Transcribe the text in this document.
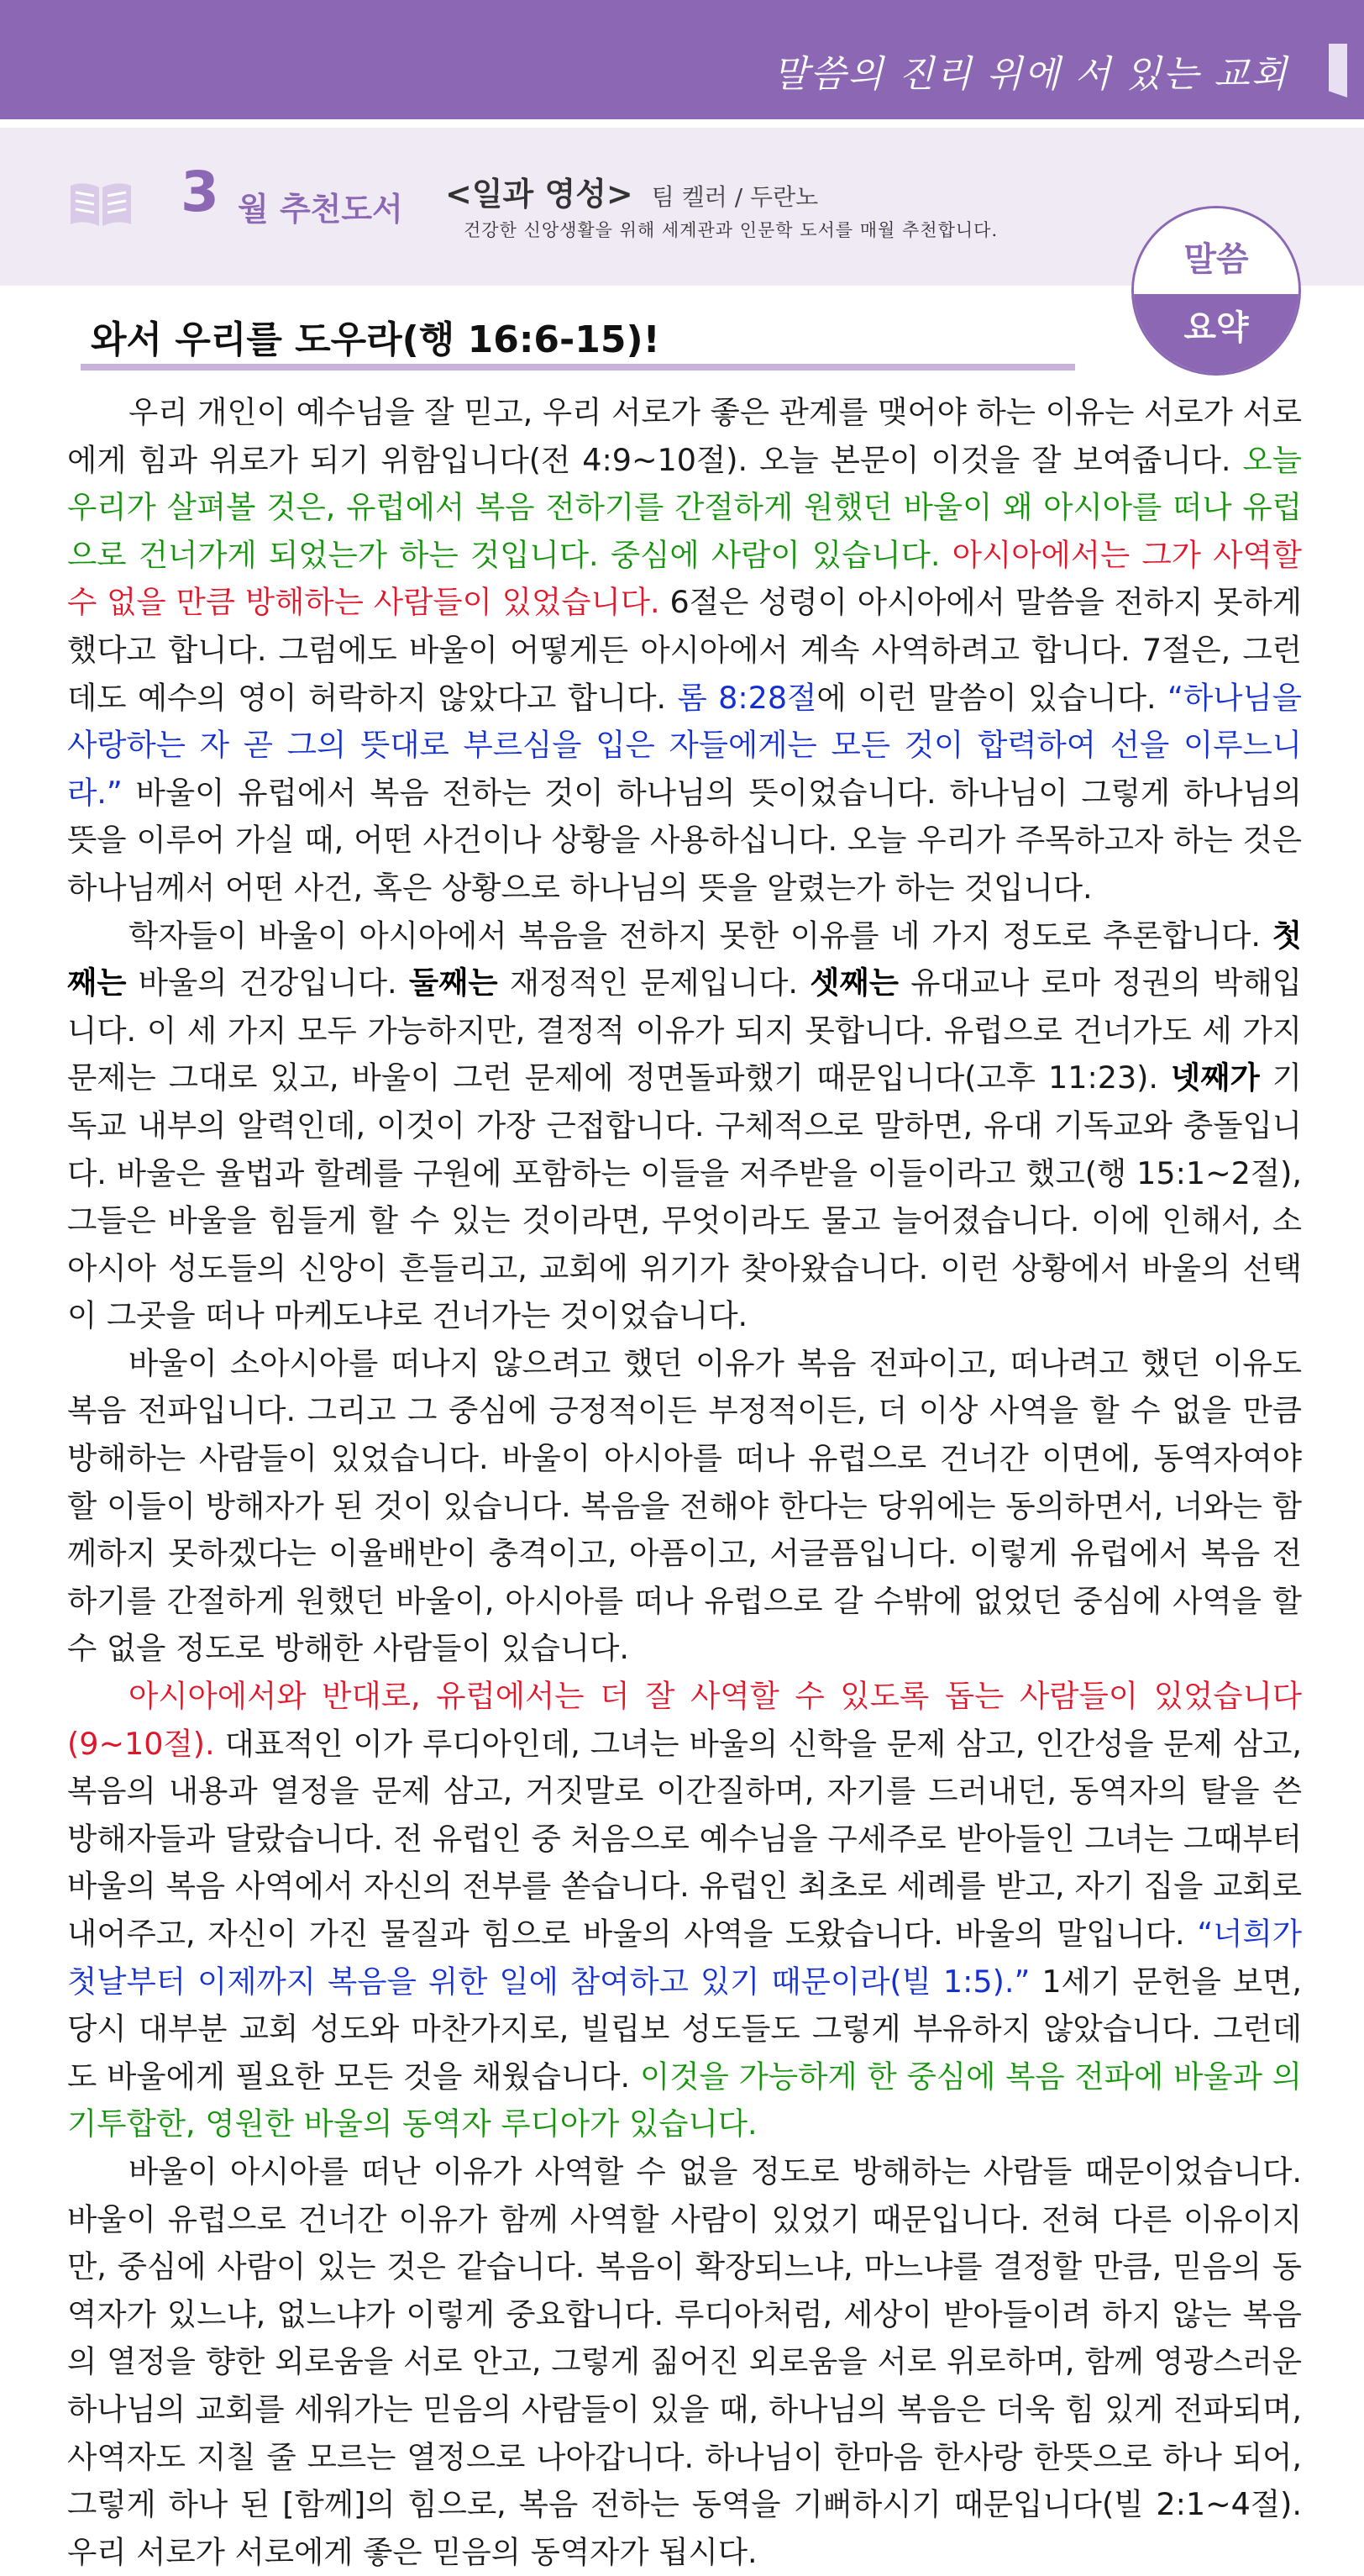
말씀의 진리 위에 서 있는 교회
3 월 추천도서 <일과 영성> 팀 켈러 / 두란노
건강한 신앙생활을 위해 세계관과 인문학 도서를 매월 추천합니다.
말씀
요약
와서 우리를 도우라(행 16:6-15)!

우리 개인이 예수님을 잘 믿고, 우리 서로가 좋은 관계를 맺어야 하는 이유는 서로가 서로에게 힘과 위로가 되기 위함입니다(전 4:9~10절). 오늘 본문이 이것을 잘 보여줍니다. 오늘 우리가 살펴볼 것은, 유럽에서 복음 전하기를 간절하게 원했던 바울이 왜 아시아를 떠나 유럽으로 건너가게 되었는가 하는 것입니다. 중심에 사람이 있습니다. 아시아에서는 그가 사역할 수 없을 만큼 방해하는 사람들이 있었습니다. 6절은 성령이 아시아에서 말씀을 전하지 못하게 했다고 합니다. 그럼에도 바울이 어떻게든 아시아에서 계속 사역하려고 합니다. 7절은, 그런데도 예수의 영이 허락하지 않았다고 합니다. 롬 8:28절에 이런 말씀이 있습니다. “하나님을 사랑하는 자 곧 그의 뜻대로 부르심을 입은 자들에게는 모든 것이 합력하여 선을 이루느니라.” 바울이 유럽에서 복음 전하는 것이 하나님의 뜻이었습니다. 하나님이 그렇게 하나님의 뜻을 이루어 가실 때, 어떤 사건이나 상황을 사용하십니다. 오늘 우리가 주목하고자 하는 것은 하나님께서 어떤 사건, 혹은 상황으로 하나님의 뜻을 알렸는가 하는 것입니다.

학자들이 바울이 아시아에서 복음을 전하지 못한 이유를 네 가지 정도로 추론합니다. 첫째는 바울의 건강입니다. 둘째는 재정적인 문제입니다. 셋째는 유대교나 로마 정권의 박해입니다. 이 세 가지 모두 가능하지만, 결정적 이유가 되지 못합니다. 유럽으로 건너가도 세 가지 문제는 그대로 있고, 바울이 그런 문제에 정면돌파했기 때문입니다(고후 11:23). 넷째가 기독교 내부의 알력인데, 이것이 가장 근접합니다. 구체적으로 말하면, 유대 기독교와 충돌입니다. 바울은 율법과 할례를 구원에 포함하는 이들을 저주받을 이들이라고 했고(행 15:1~2절), 그들은 바울을 힘들게 할 수 있는 것이라면, 무엇이라도 물고 늘어졌습니다. 이에 인해서, 소아시아 성도들의 신앙이 흔들리고, 교회에 위기가 찾아왔습니다. 이런 상황에서 바울의 선택이 그곳을 떠나 마케도냐로 건너가는 것이었습니다.

바울이 소아시아를 떠나지 않으려고 했던 이유가 복음 전파이고, 떠나려고 했던 이유도 복음 전파입니다. 그리고 그 중심에 긍정적이든 부정적이든, 더 이상 사역을 할 수 없을 만큼 방해하는 사람들이 있었습니다. 바울이 아시아를 떠나 유럽으로 건너간 이면에, 동역자여야 할 이들이 방해자가 된 것이 있습니다. 복음을 전해야 한다는 당위에는 동의하면서, 너와는 함께하지 못하겠다는 이율배반이 충격이고, 아픔이고, 서글픔입니다. 이렇게 유럽에서 복음 전하기를 간절하게 원했던 바울이, 아시아를 떠나 유럽으로 갈 수밖에 없었던 중심에 사역을 할 수 없을 정도로 방해한 사람들이 있습니다.

아시아에서와 반대로, 유럽에서는 더 잘 사역할 수 있도록 돕는 사람들이 있었습니다(9~10절). 대표적인 이가 루디아인데, 그녀는 바울의 신학을 문제 삼고, 인간성을 문제 삼고, 복음의 내용과 열정을 문제 삼고, 거짓말로 이간질하며, 자기를 드러내던, 동역자의 탈을 쓴 방해자들과 달랐습니다. 전 유럽인 중 처음으로 예수님을 구세주로 받아들인 그녀는 그때부터 바울의 복음 사역에서 자신의 전부를 쏟습니다. 유럽인 최초로 세례를 받고, 자기 집을 교회로 내어주고, 자신이 가진 물질과 힘으로 바울의 사역을 도왔습니다. 바울의 말입니다. “너희가 첫날부터 이제까지 복음을 위한 일에 참여하고 있기 때문이라(빌 1:5).” 1세기 문헌을 보면, 당시 대부분 교회 성도와 마찬가지로, 빌립보 성도들도 그렇게 부유하지 않았습니다. 그런데도 바울에게 필요한 모든 것을 채웠습니다. 이것을 가능하게 한 중심에 복음 전파에 바울과 의기투합한, 영원한 바울의 동역자 루디아가 있습니다.

바울이 아시아를 떠난 이유가 사역할 수 없을 정도로 방해하는 사람들 때문이었습니다. 바울이 유럽으로 건너간 이유가 함께 사역할 사람이 있었기 때문입니다. 전혀 다른 이유이지만, 중심에 사람이 있는 것은 같습니다. 복음이 확장되느냐, 마느냐를 결정할 만큼, 믿음의 동역자가 있느냐, 없느냐가 이렇게 중요합니다. 루디아처럼, 세상이 받아들이려 하지 않는 복음의 열정을 향한 외로움을 서로 안고, 그렇게 짊어진 외로움을 서로 위로하며, 함께 영광스러운 하나님의 교회를 세워가는 믿음의 사람들이 있을 때, 하나님의 복음은 더욱 힘 있게 전파되며, 사역자도 지칠 줄 모르는 열정으로 나아갑니다. 하나님이 한마음 한사랑 한뜻으로 하나 되어, 그렇게 하나 된 [함께]의 힘으로, 복음 전하는 동역을 기뻐하시기 때문입니다(빌 2:1~4절). 우리 서로가 서로에게 좋은 믿음의 동역자가 됩시다.
